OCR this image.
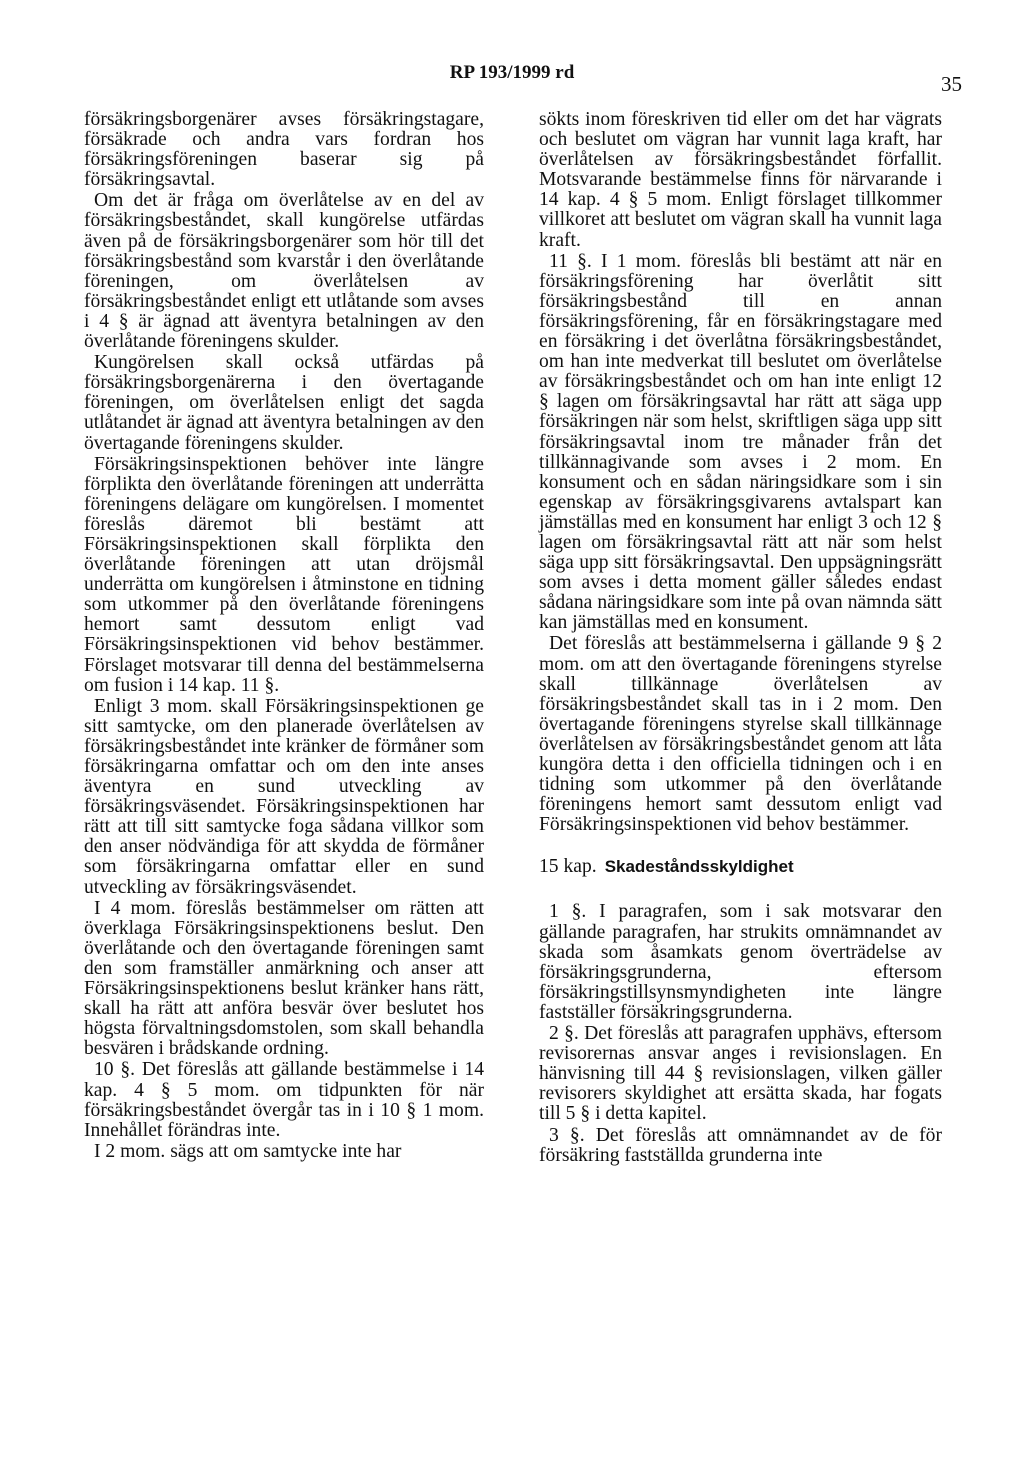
RP 193/1999 rd	35

försäkringsborgenärer avses försäkringstagare, försäkrade och andra vars fordran hos försäkringsföreningen baserar sig på försäkringsavtal.

Om det är fråga om överlåtelse av en del av försäkringsbeståndet, skall kungörelse utfärdas även på de försäkringsborgenärer som hör till det försäkringsbestånd som kvarstår i den överlåtande föreningen, om överlåtelsen av försäkringsbeståndet enligt ett utlåtande som avses i 4 § är ägnad att äventyra betalningen av den överlåtande föreningens skulder.

Kungörelsen skall också utfärdas på försäkringsborgenärerna i den övertagande föreningen, om överlåtelsen enligt det sagda utlåtandet är ägnad att äventyra betalningen av den övertagande föreningens skulder.

Försäkringsinspektionen behöver inte längre förplikta den överlåtande föreningen att underrätta föreningens delägare om kungörelsen. I momentet föreslås däremot bli bestämt att Försäkringsinspektionen skall förplikta den överlåtande föreningen att utan dröjsmål underrätta om kungörelsen i åtminstone en tidning som utkommer på den överlåtande föreningens hemort samt dessutom enligt vad Försäkringsinspektionen vid behov bestämmer. Förslaget motsvarar till denna del bestämmelserna om fusion i 14 kap. 11 §.

Enligt 3 mom. skall Försäkringsinspektionen ge sitt samtycke, om den planerade överlåtelsen av försäkringsbeståndet inte kränker de förmåner som försäkringarna omfattar och om den inte anses äventyra en sund utveckling av försäkringsväsendet. Försäkringsinspektionen har rätt att till sitt samtycke foga sådana villkor som den anser nödvändiga för att skydda de förmåner som försäkringarna omfattar eller en sund utveckling av försäkringsväsendet.

I 4 mom. föreslås bestämmelser om rätten att överklaga Försäkringsinspektionens beslut. Den överlåtande och den övertagande föreningen samt den som framställer anmärkning och anser att Försäkringsinspektionens beslut kränker hans rätt, skall ha rätt att anföra besvär över beslutet hos högsta förvaltningsdomstolen, som skall behandla besvären i brådskande ordning.

10 §. Det föreslås att gällande bestämmelse i 14 kap. 4 § 5 mom. om tidpunkten för när försäkringsbeståndet övergår tas in i 10 § 1 mom. Innehållet förändras inte.

I 2 mom. sägs att om samtycke inte har

sökts inom föreskriven tid eller om det har vägrats och beslutet om vägran har vunnit laga kraft, har överlåtelsen av försäkringsbeståndet förfallit. Motsvarande bestämmelse finns för närvarande i 14 kap. 4 § 5 mom. Enligt förslaget tillkommer villkoret att beslutet om vägran skall ha vunnit laga kraft.

11 §. I 1 mom. föreslås bli bestämt att när en försäkringsförening har överlåtit sitt försäkringsbestånd till en annan försäkringsförening, får en försäkringstagare med en försäkring i det överlåtna försäkringsbeståndet, om han inte medverkat till beslutet om överlåtelse av försäkringsbeståndet och om han inte enligt 12 § lagen om försäkringsavtal har rätt att säga upp försäkringen när som helst, skriftligen säga upp sitt försäkringsavtal inom tre månader från det tillkännagivande som avses i 2 mom. En konsument och en sådan näringsidkare som i sin egenskap av försäkringsgivarens avtalspart kan jämställas med en konsument har enligt 3 och 12 § lagen om försäkringsavtal rätt att när som helst säga upp sitt försäkringsavtal. Den uppsägningsrätt som avses i detta moment gäller således endast sådana näringsidkare som inte på ovan nämnda sätt kan jämställas med en konsument.

Det föreslås att bestämmelserna i gällande 9 § 2 mom. om att den övertagande föreningens styrelse skall tillkännage överlåtelsen av försäkringsbeståndet skall tas in i 2 mom. Den övertagande föreningens styrelse skall tillkännage överlåtelsen av försäkringsbeståndet genom att låta kungöra detta i den officiella tidningen och i en tidning som utkommer på den överlåtande föreningens hemort samt dessutom enligt vad Försäkringsinspektionen vid behov bestämmer.

15 kap. Skadeståndsskyldighet

1 §. I paragrafen, som i sak motsvarar den gällande paragrafen, har strukits omnämnandet av skada som åsamkats genom överträdelse av försäkringsgrunderna, eftersom försäkringstillsynsmyndigheten inte längre fastställer försäkringsgrunderna.

2 §. Det föreslås att paragrafen upphävs, eftersom revisorernas ansvar anges i revisionslagen. En hänvisning till 44 § revisionslagen, vilken gäller revisorers skyldighet att ersätta skada, har fogats till 5 § i detta kapitel.

3 §. Det föreslås att omnämnandet av de för försäkring fastställda grunderna inte
